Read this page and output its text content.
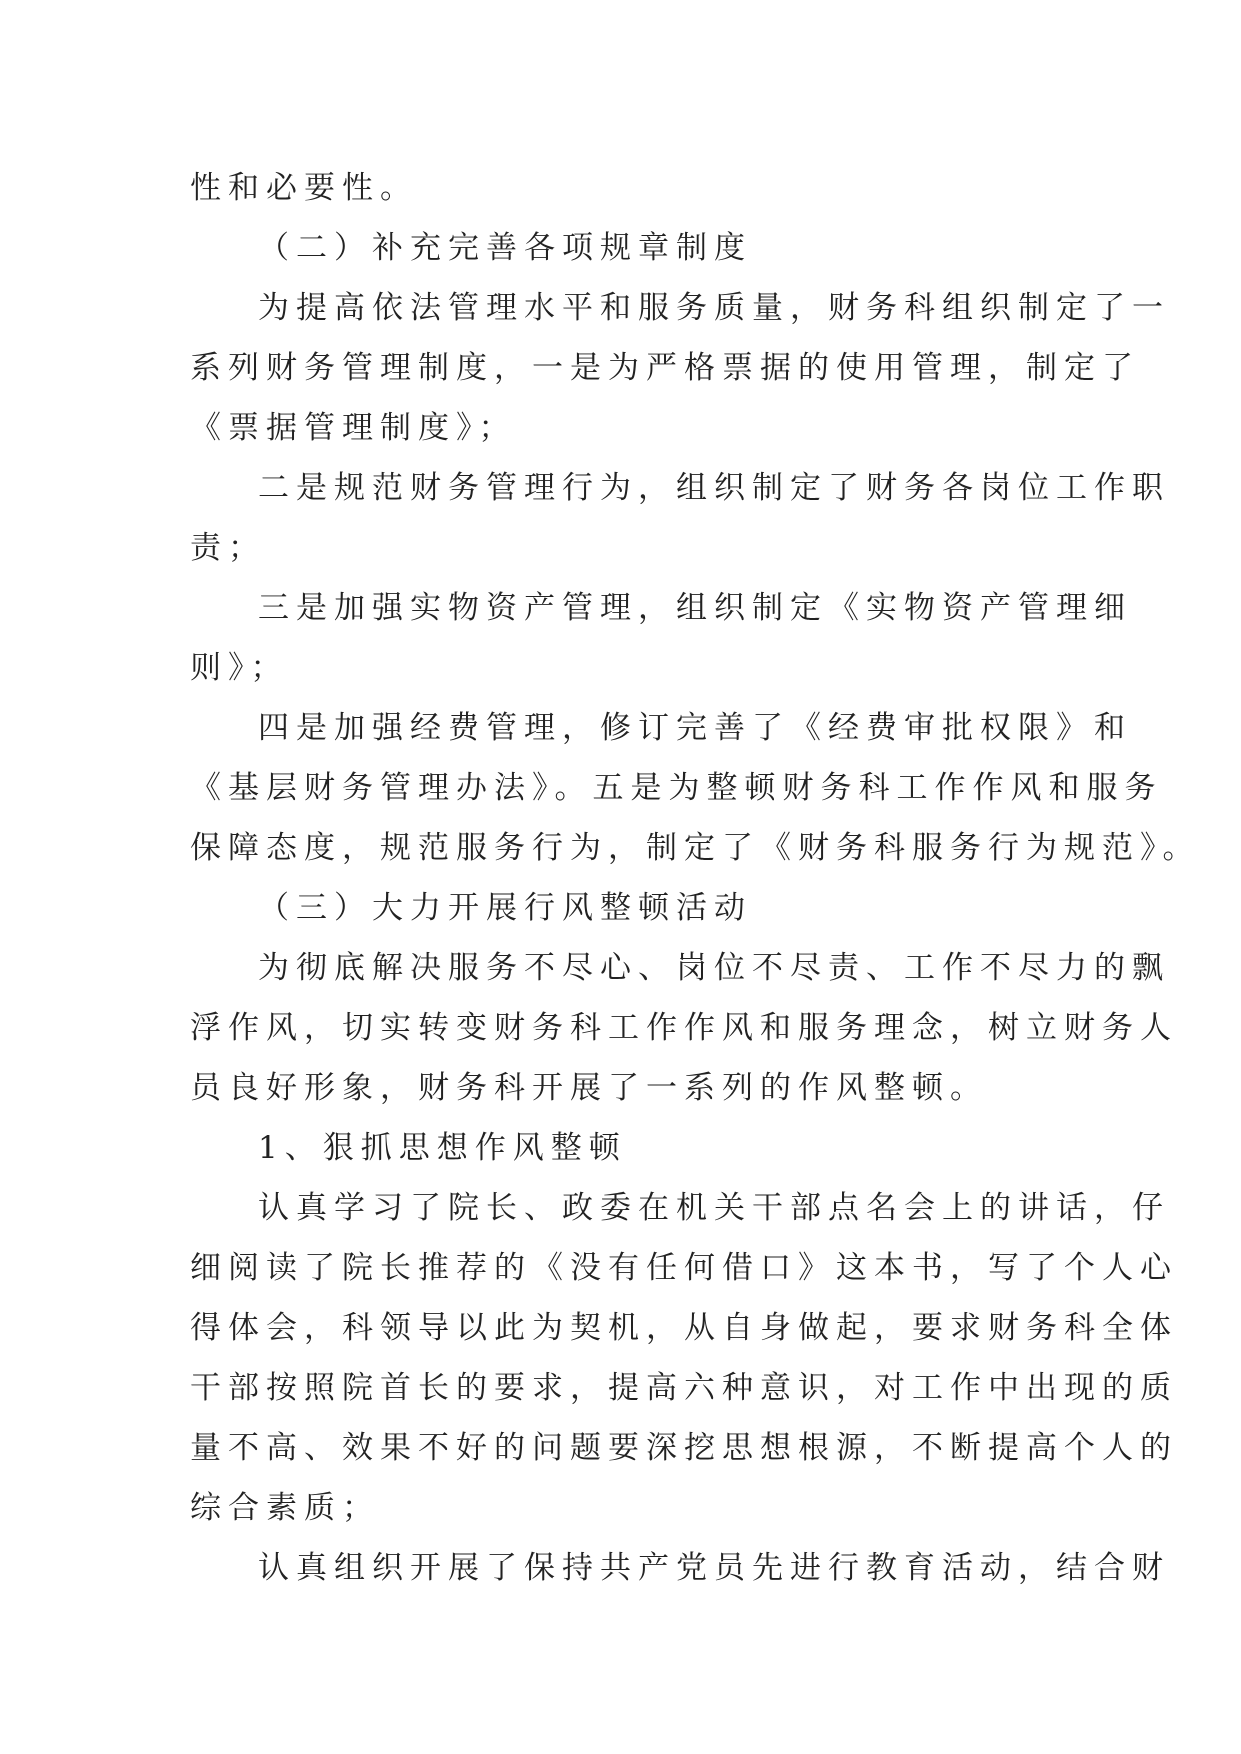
性和必要性。
（二）补充完善各项规章制度
为提高依法管理水平和服务质量，财务科组织制定了一
系列财务管理制度，一是为严格票据的使用管理，制定了
《票据管理制度》；
二是规范财务管理行为，组织制定了财务各岗位工作职
责；
三是加强实物资产管理，组织制定《实物资产管理细
则》；
四是加强经费管理，修订完善了《经费审批权限》和
《基层财务管理办法》。五是为整顿财务科工作作风和服务
保障态度，规范服务行为，制定了《财务科服务行为规范》。
（三）大力开展行风整顿活动
为彻底解决服务不尽心、岗位不尽责、工作不尽力的飘
浮作风，切实转变财务科工作作风和服务理念，树立财务人
员良好形象，财务科开展了一系列的作风整顿。
1、狠抓思想作风整顿
认真学习了院长、政委在机关干部点名会上的讲话，仔
细阅读了院长推荐的《没有任何借口》这本书，写了个人心
得体会，科领导以此为契机，从自身做起，要求财务科全体
干部按照院首长的要求，提高六种意识，对工作中出现的质
量不高、效果不好的问题要深挖思想根源，不断提高个人的
综合素质；
认真组织开展了保持共产党员先进行教育活动，结合财
